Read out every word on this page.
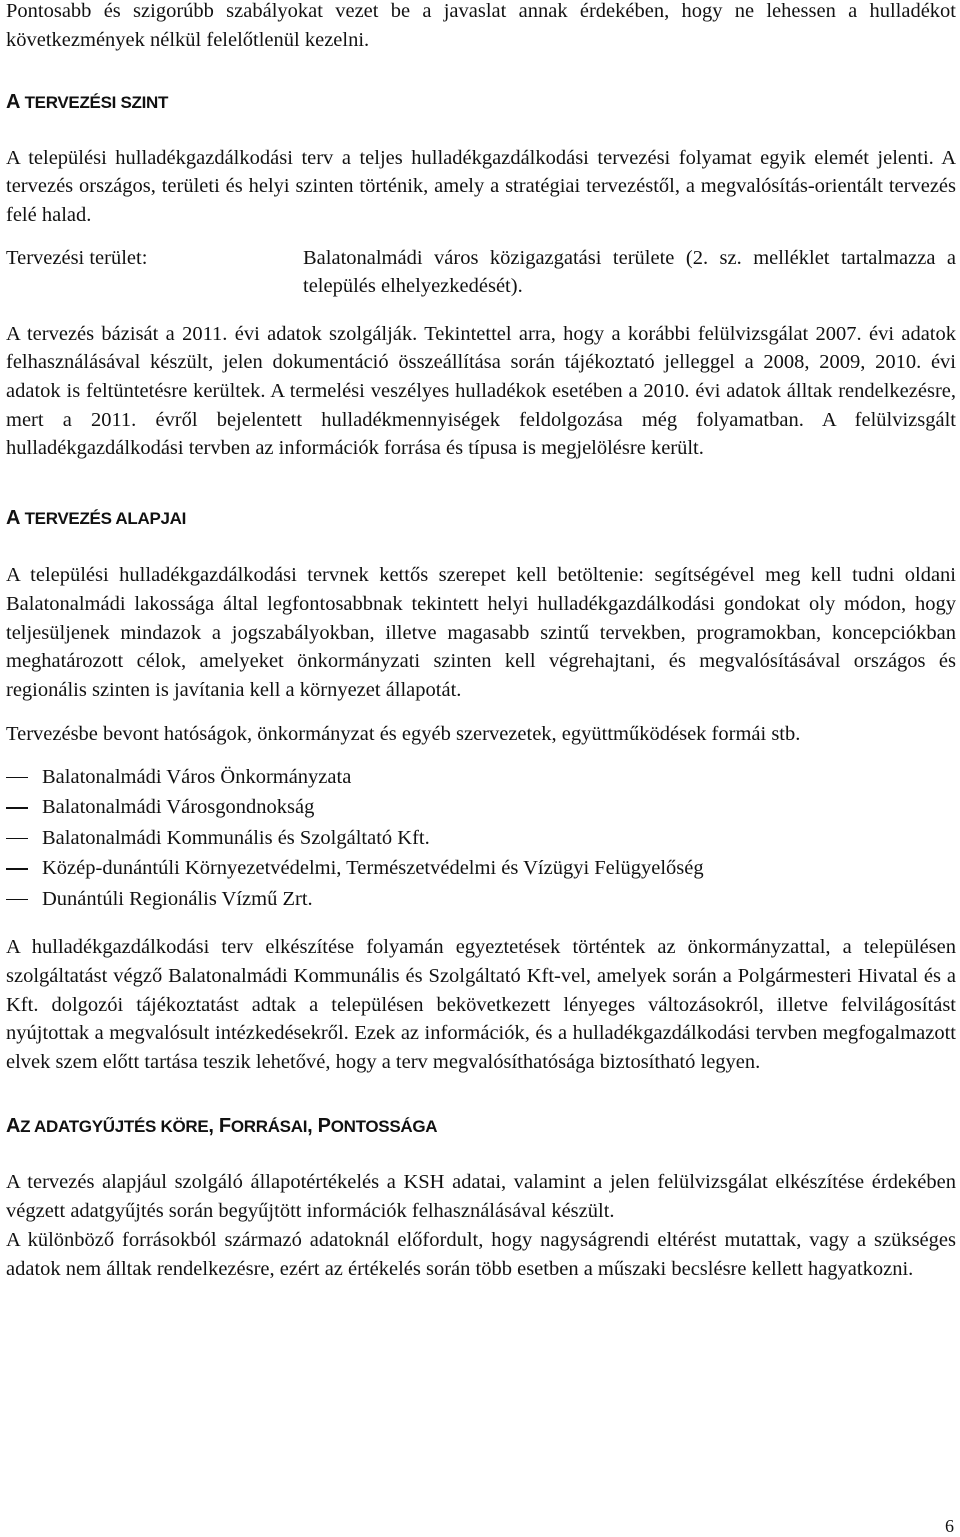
Pontosabb és szigorúbb szabályokat vezet be a javaslat annak érdekében, hogy ne lehessen a hulladékot következmények nélkül felelőtlenül kezelni.

A TERVEZÉSI SZINT

A települési hulladékgazdálkodási terv a teljes hulladékgazdálkodási tervezési folyamat egyik elemét jelenti. A tervezés országos, területi és helyi szinten történik, amely a stratégiai tervezéstől, a megvalósítás-orientált tervezés felé halad.

Tervezési terület:	Balatonalmádi város közigazgatási területe (2. sz. melléklet tartalmazza a település elhelyezkedését).

A tervezés bázisát a 2011. évi adatok szolgálják. Tekintettel arra, hogy a korábbi felülvizsgálat 2007. évi adatok felhasználásával készült, jelen dokumentáció összeállítása során tájékoztató jelleggel a 2008, 2009, 2010. évi adatok is feltüntetésre kerültek. A termelési veszélyes hulladékok esetében a 2010. évi adatok álltak rendelkezésre, mert a 2011. évről bejelentett hulladékmennyiségek feldolgozása még folyamatban. A felülvizsgált hulladékgazdálkodási tervben az információk forrása és típusa is megjelölésre került.

A TERVEZÉS ALAPJAI

A települési hulladékgazdálkodási tervnek kettős szerepet kell betöltenie: segítségével meg kell tudni oldani Balatonalmádi lakossága által legfontosabbnak tekintett helyi hulladékgazdálkodási gondokat oly módon, hogy teljesüljenek mindazok a jogszabályokban, illetve magasabb szintű tervekben, programokban, koncepciókban meghatározott célok, amelyeket önkormányzati szinten kell végrehajtani, és megvalósításával országos és regionális szinten is javítania kell a környezet állapotát.

Tervezésbe bevont hatóságok, önkormányzat és egyéb szervezetek, együttműködések formái stb.

Balatonalmádi Város Önkormányzata
Balatonalmádi Városgondnokság
Balatonalmádi Kommunális és Szolgáltató Kft.
Közép-dunántúli Környezetvédelmi, Természetvédelmi és Vízügyi Felügyelőség
Dunántúli Regionális Vízmű Zrt.

A hulladékgazdálkodási terv elkészítése folyamán egyeztetések történtek az önkormányzattal, a településen szolgáltatást végző Balatonalmádi Kommunális és Szolgáltató Kft-vel, amelyek során a Polgármesteri Hivatal és a Kft. dolgozói tájékoztatást adtak a településen bekövetkezett lényeges változásokról, illetve felvilágosítást nyújtottak a megvalósult intézkedésekről. Ezek az információk, és a hulladékgazdálkodási tervben megfogalmazott elvek szem előtt tartása teszik lehetővé, hogy a terv megvalósíthatósága biztosítható legyen.

AZ ADATGYŰJTÉS KÖRE, FORRÁSAI, PONTOSSÁGA

A tervezés alapjául szolgáló állapotértékelés a KSH adatai, valamint a jelen felülvizsgálat elkészítése érdekében végzett adatgyűjtés során begyűjtött információk felhasználásával készült.

A különböző forrásokból származó adatoknál előfordult, hogy nagyságrendi eltérést mutattak, vagy a szükséges adatok nem álltak rendelkezésre, ezért az értékelés során több esetben a műszaki becslésre kellett hagyatkozni.

6
